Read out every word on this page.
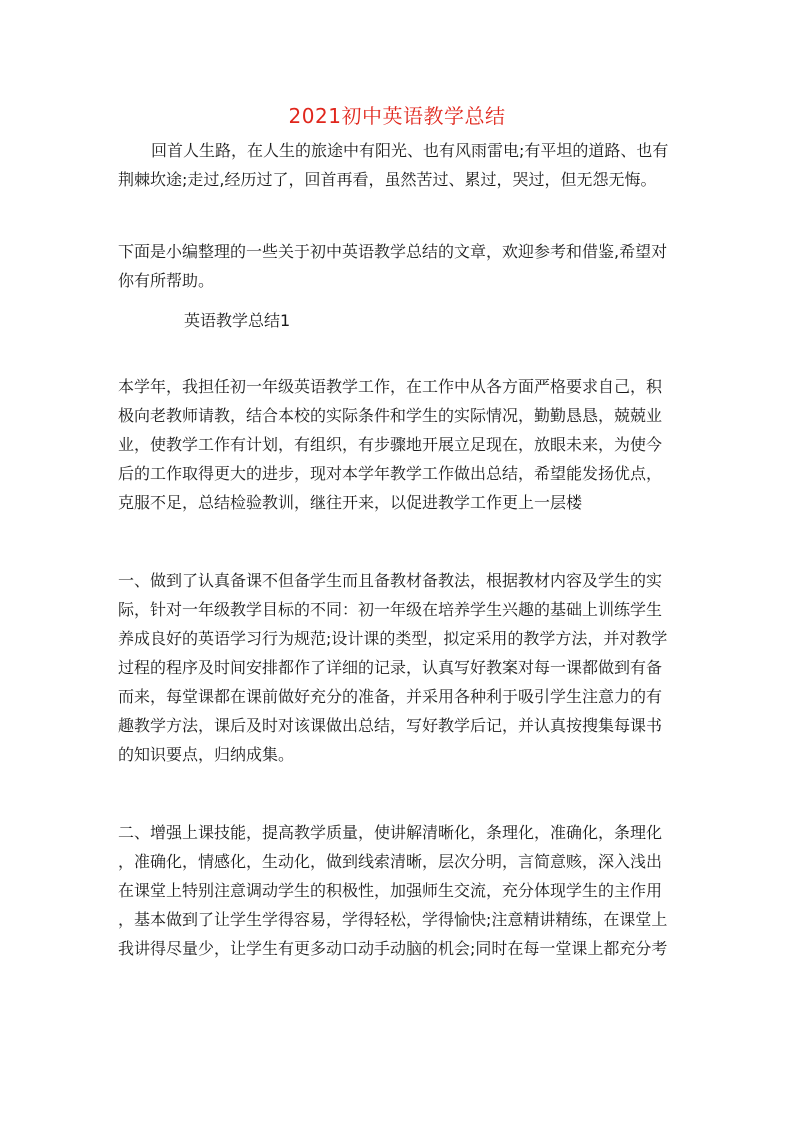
2021初中英语教学总结
回首人生路，在人生的旅途中有阳光、也有风雨雷电;有平坦的道路、也有
荆棘坎途;走过,经历过了，回首再看，虽然苦过、累过，哭过，但无怨无悔。
下面是小编整理的一些关于初中英语教学总结的文章，欢迎参考和借鉴,希望对
你有所帮助。
英语教学总结1
本学年，我担任初一年级英语教学工作，在工作中从各方面严格要求自己，积
极向老教师请教，结合本校的实际条件和学生的实际情况，勤勤恳恳，兢兢业
业，使教学工作有计划，有组织，有步骤地开展立足现在，放眼未来，为使今
后的工作取得更大的进步，现对本学年教学工作做出总结，希望能发扬优点，
克服不足，总结检验教训，继往开来，以促进教学工作更上一层楼
一、做到了认真备课不但备学生而且备教材备教法，根据教材内容及学生的实
际，针对一年级教学目标的不同：初一年级在培养学生兴趣的基础上训练学生
养成良好的英语学习行为规范;设计课的类型，拟定采用的教学方法，并对教学
过程的程序及时间安排都作了详细的记录，认真写好教案对每一课都做到有备
而来，每堂课都在课前做好充分的准备，并采用各种利于吸引学生注意力的有
趣教学方法，课后及时对该课做出总结，写好教学后记，并认真按搜集每课书
的知识要点，归纳成集。
二、增强上课技能，提高教学质量，使讲解清晰化，条理化，准确化，条理化
，准确化，情感化，生动化，做到线索清晰，层次分明，言简意赅，深入浅出
在课堂上特别注意调动学生的积极性，加强师生交流，充分体现学生的主作用
，基本做到了让学生学得容易，学得轻松，学得愉快;注意精讲精练，在课堂上
我讲得尽量少，让学生有更多动口动手动脑的机会;同时在每一堂课上都充分考
